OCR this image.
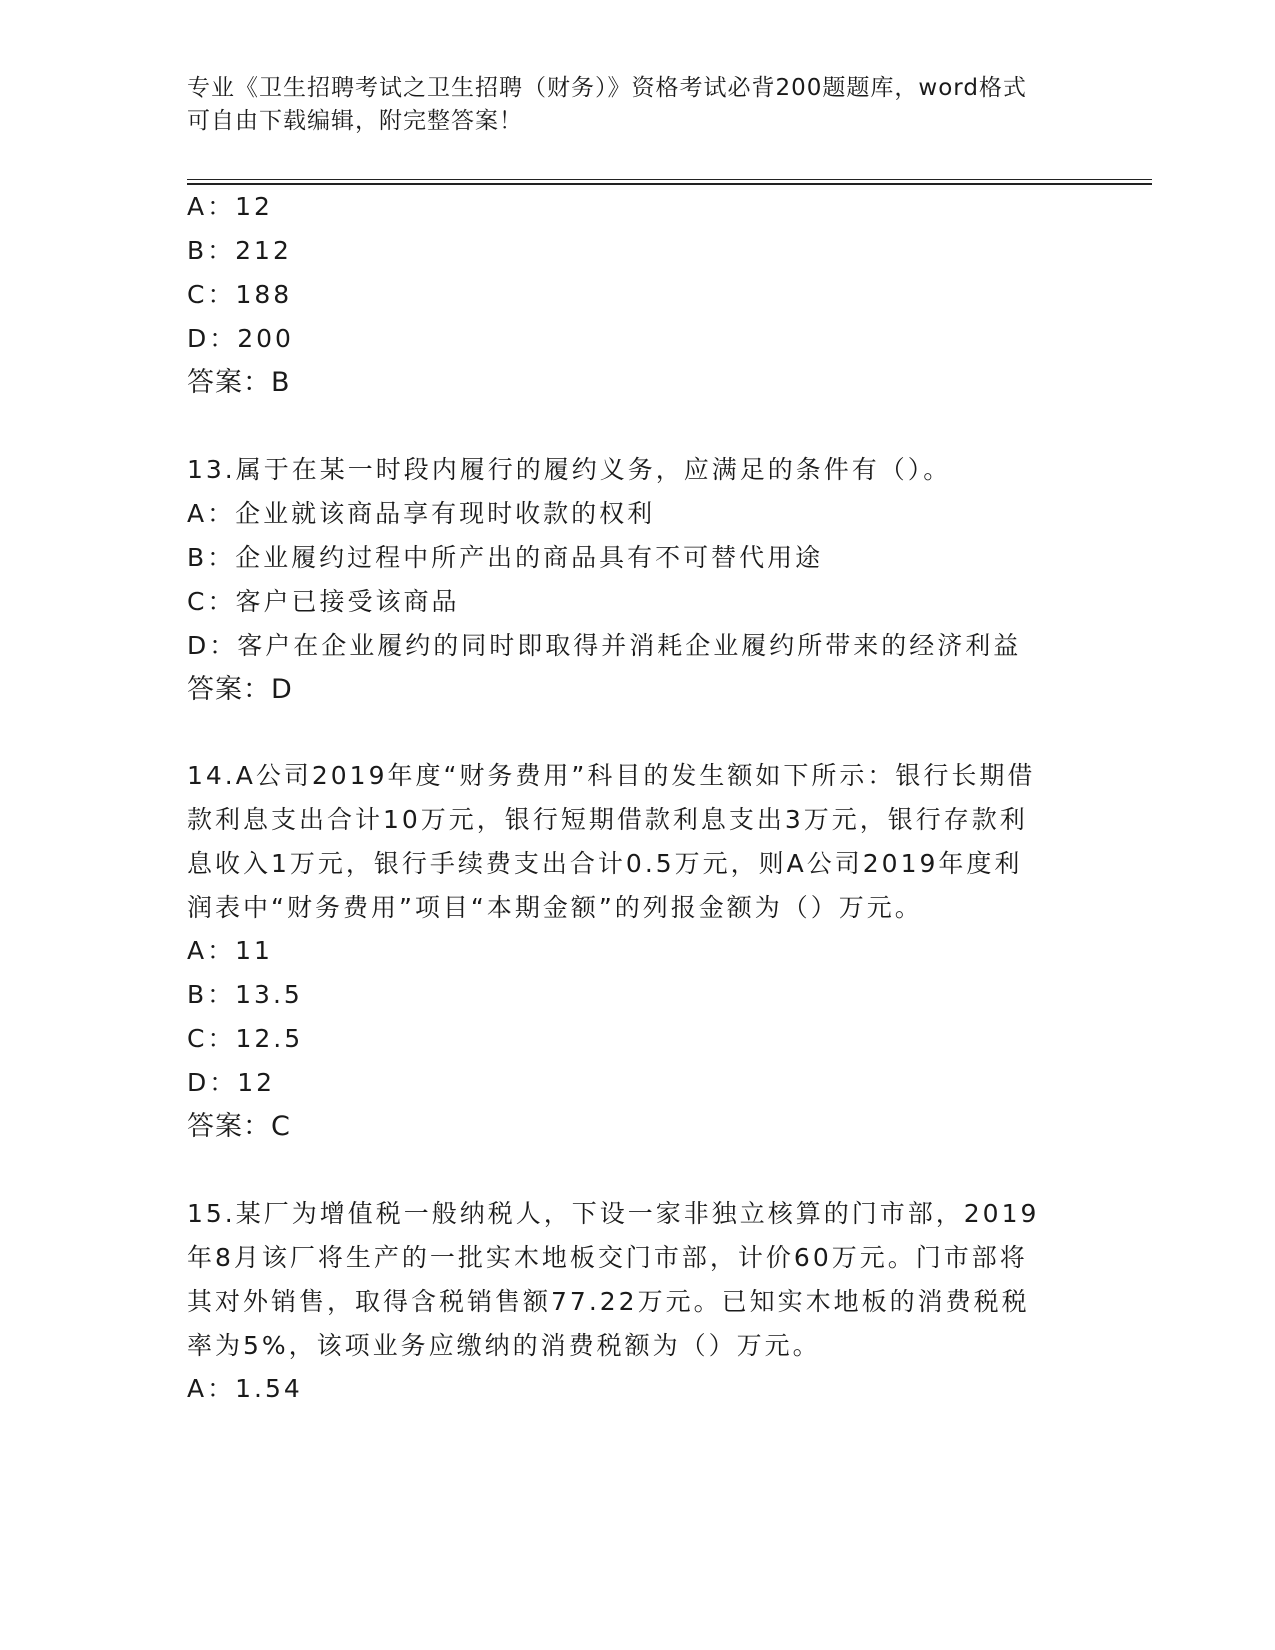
专业《卫生招聘考试之卫生招聘（财务）》资格考试必背200题题库，word格式
可自由下载编辑，附完整答案！
A：12
B：212
C：188
D：200
答案：B
13.属于在某一时段内履行的履约义务，应满足的条件有（）。
A：企业就该商品享有现时收款的权利
B：企业履约过程中所产出的商品具有不可替代用途
C：客户已接受该商品
D：客户在企业履约的同时即取得并消耗企业履约所带来的经济利益
答案：D
14.A公司2019年度“财务费用”科目的发生额如下所示：银行长期借
款利息支出合计10万元，银行短期借款利息支出3万元，银行存款利
息收入1万元，银行手续费支出合计0.5万元，则A公司2019年度利
润表中“财务费用”项目“本期金额”的列报金额为（）万元。
A：11
B：13.5
C：12.5
D：12
答案：C
15.某厂为增值税一般纳税人，下设一家非独立核算的门市部，2019
年8月该厂将生产的一批实木地板交门市部，计价60万元。门市部将
其对外销售，取得含税销售额77.22万元。已知实木地板的消费税税
率为5%，该项业务应缴纳的消费税额为（）万元。
A：1.54
